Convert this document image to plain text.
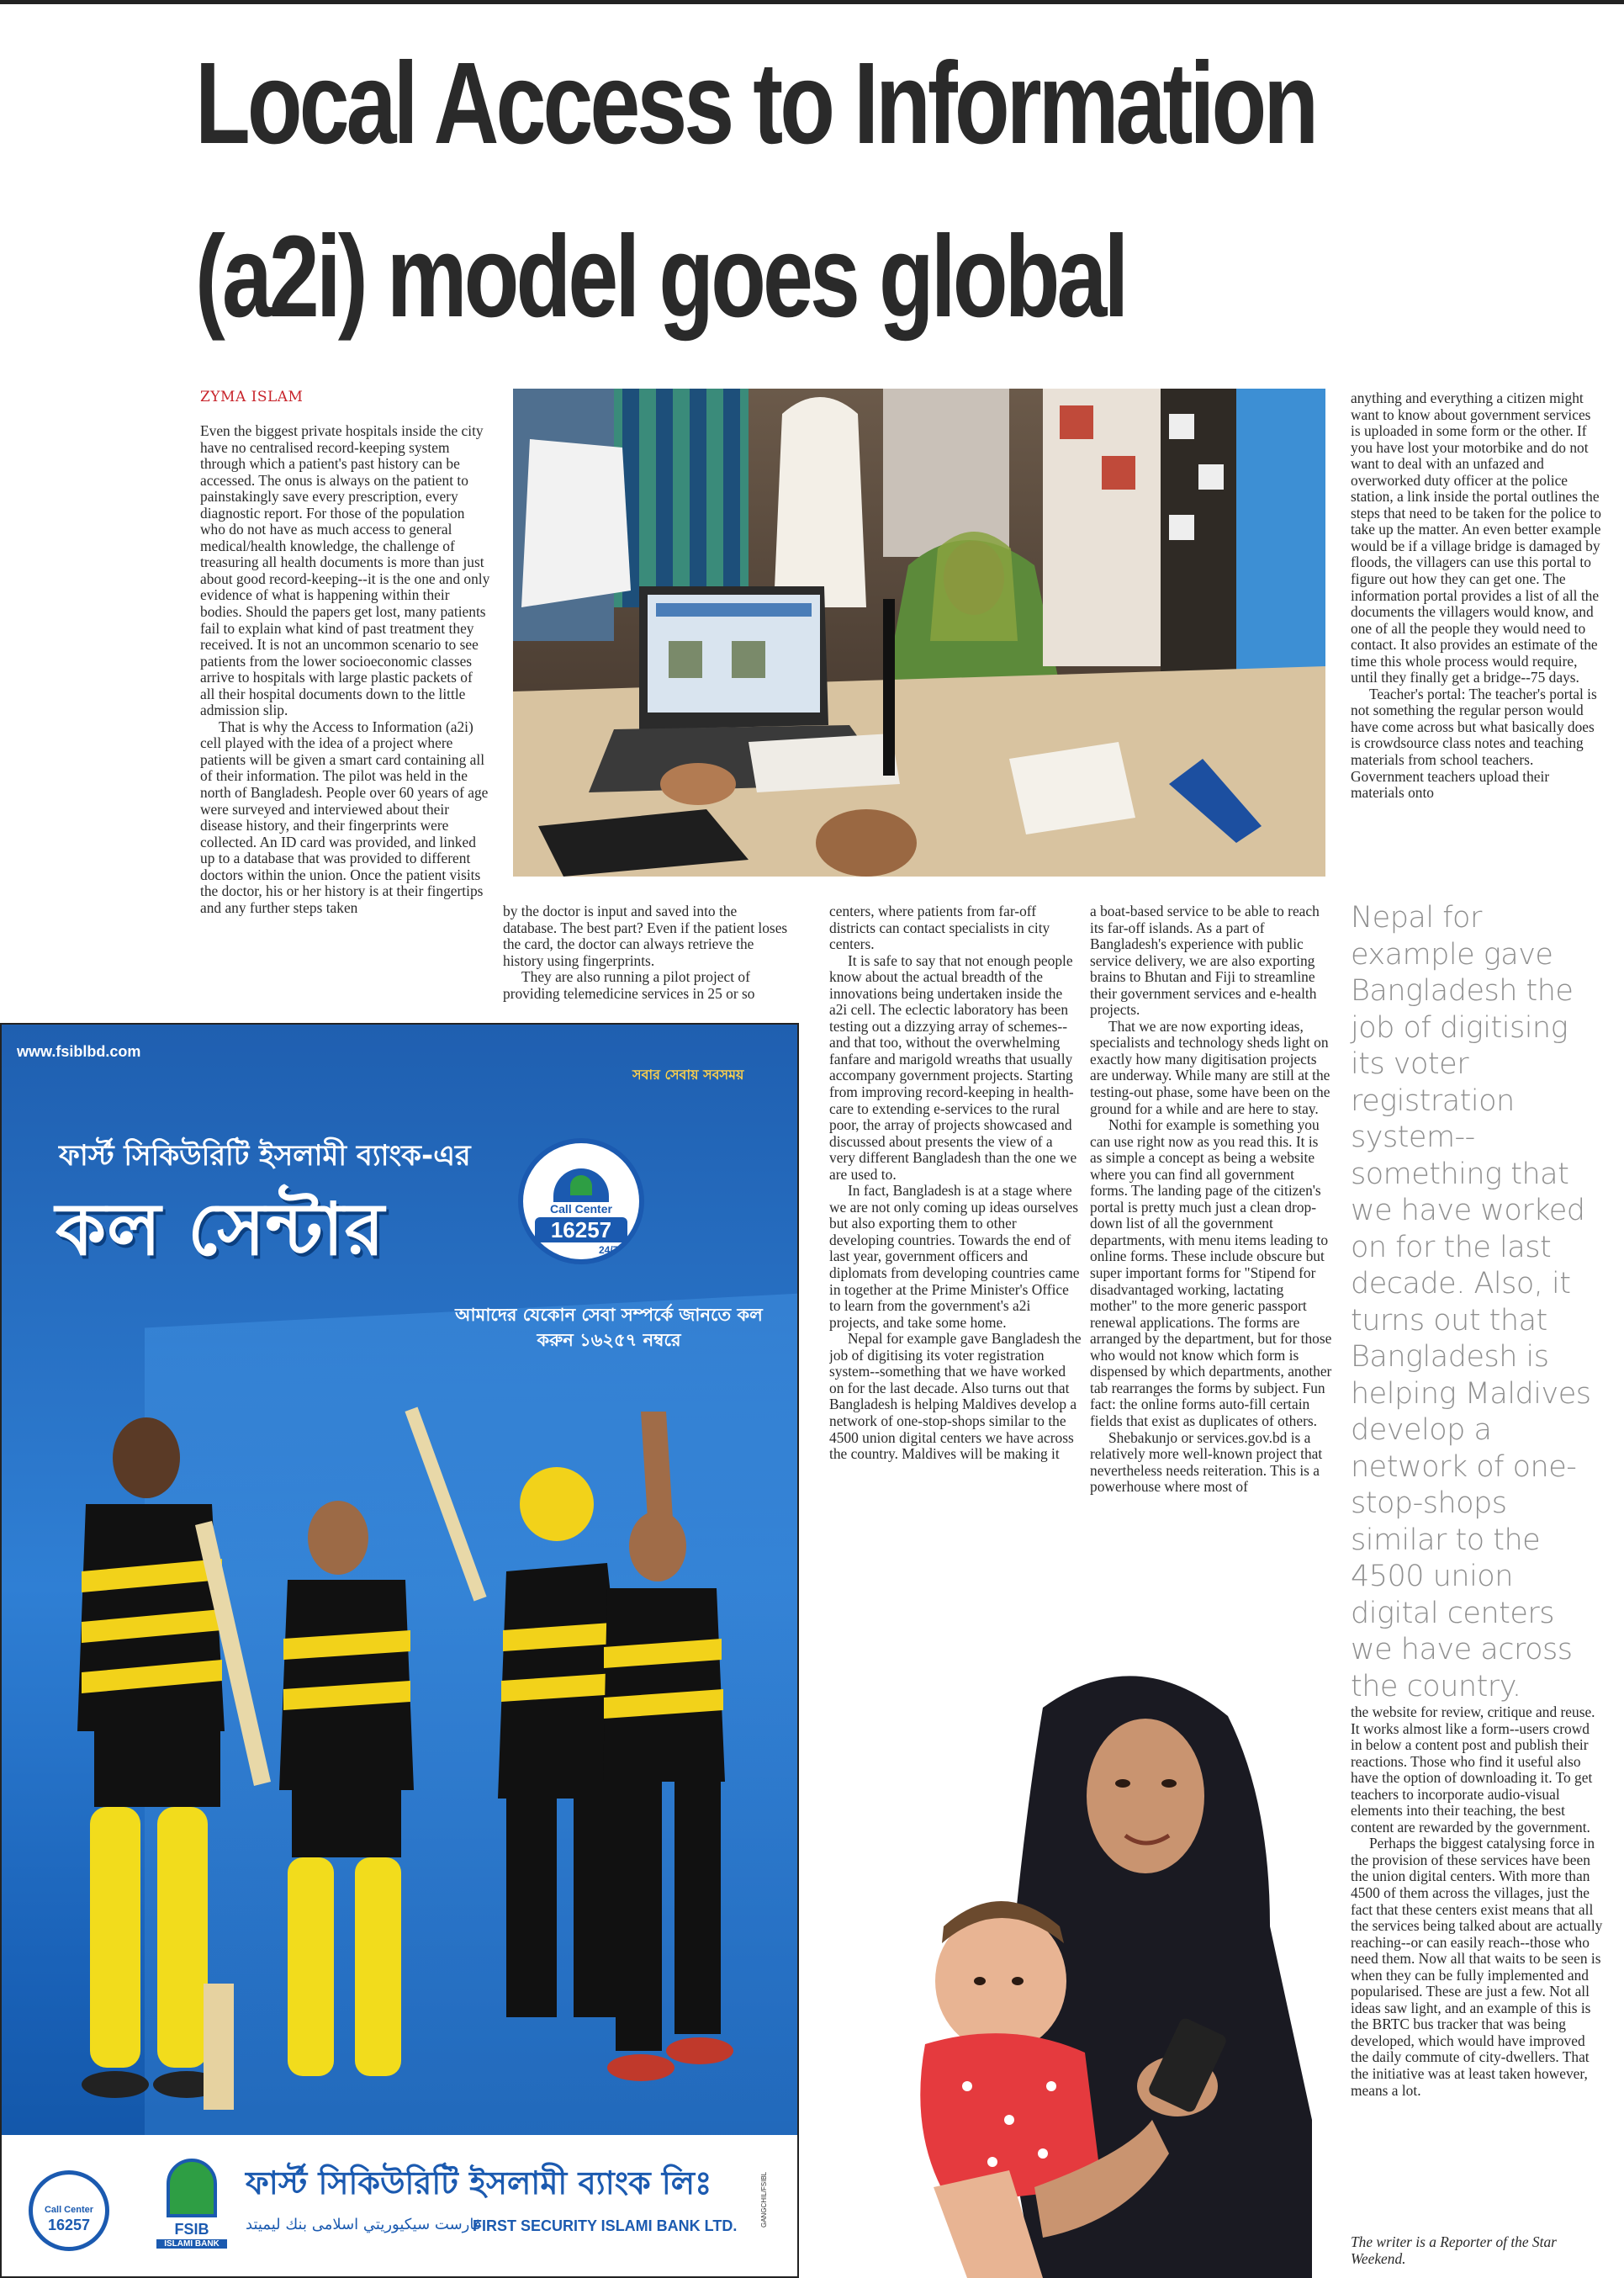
Local Access to Information
(a2i) model goes global
ZYMA ISLAM

Even the biggest private hospitals inside the city have no centralised record-keeping system through which a patient's past history can be accessed. The onus is always on the patient to painstakingly save every prescription, every diagnostic report. For those of the population who do not have as much access to general medical/health knowledge, the challenge of treasuring all health documents is more than just about good record-keeping--it is the one and only evidence of what is happening within their bodies. Should the papers get lost, many patients fail to explain what kind of past treatment they received. It is not an uncommon scenario to see patients from the lower socioeconomic classes arrive to hospitals with large plastic packets of all their hospital documents down to the little admission slip.

That is why the Access to Information (a2i) cell played with the idea of a project where patients will be given a smart card containing all of their information. The pilot was held in the north of Bangladesh. People over 60 years of age were surveyed and interviewed about their disease history, and their fingerprints were collected. An ID card was provided, and linked up to a database that was provided to different doctors within the union. Once the patient visits the doctor, his or her history is at their fingertips and any further steps taken	by the doctor is input and saved into the database. The best part? Even if the patient loses the card, the doctor can always retrieve the history using fingerprints.

They are also running a pilot project of providing telemedicine services in 25 or so

centers, where patients from far-off districts can contact specialists in city centers.

It is safe to say that not enough people know about the actual breadth of the innovations being undertaken inside the a2i cell. The eclectic laboratory has been testing out a dizzying array of schemes--and that too, without the overwhelming fanfare and marigold wreaths that usually accompany government projects. Starting from improving record-keeping in health-care to extending e-services to the rural poor, the array of projects showcased and discussed about presents the view of a very different Bangladesh than the one we are used to.

In fact, Bangladesh is at a stage where we are not only coming up ideas ourselves but also exporting them to other developing countries. Towards the end of last year, government officers and diplomats from developing countries came in together at the Prime Minister's Office to learn from the government's a2i projects, and take some home.

Nepal for example gave Bangladesh the job of digitising its voter registration system--something that we have worked on for the last decade. Also turns out that Bangladesh is helping Maldives develop a network of one-stop-shops similar to the 4500 union digital centers we have across the country. Maldives will be making it

a boat-based service to be able to reach its far-off islands. As a part of Bangladesh's experience with public service delivery, we are also exporting brains to Bhutan and Fiji to streamline their government services and e-health projects.

That we are now exporting ideas, specialists and technology sheds light on exactly how many digitisation projects are underway. While many are still at the testing-out phase, some have been on the ground for a while and are here to stay.

Nothi for example is something you can use right now as you read this. It is as simple a concept as being a website where you can find all government forms. The landing page of the citizen's portal is pretty much just a clean drop-down list of all the government departments, with menu items leading to online forms. These include obscure but super important forms for "Stipend for disadvantaged working, lactating mother" to the more generic passport renewal applications. The forms are arranged by the department, but for those who would not know which form is dispensed by which departments, another tab rearranges the forms by subject. Fun fact: the online forms auto-fill certain fields that exist as duplicates of others.

Shebakunjo or services.gov.bd is a relatively more well-known project that nevertheless needs reiteration. This is a powerhouse where most of

anything and everything a citizen might want to know about government services is uploaded in some form or the other. If you have lost your motorbike and do not want to deal with an unfazed and overworked duty officer at the police station, a link inside the portal outlines the steps that need to be taken for the police to take up the matter. An even better example would be if a village bridge is damaged by floods, the villagers can use this portal to figure out how they can get one. The information portal provides a list of all the documents the villagers would know, and one of all the people they would need to contact. It also provides an estimate of the time this whole process would require, until they finally get a bridge--75 days.

Teacher's portal: The teacher's portal is not something the regular person would have come across but what basically does is crowdsource class notes and teaching materials from school teachers. Government teachers upload their materials onto

Nepal for example gave Bangladesh the job of digitising its voter registration system--something that we have worked on for the last decade. Also, it turns out that Bangladesh is helping Maldives develop a network of one-stop-shops similar to the 4500 union digital centers we have across the country.

the website for review, critique and reuse. It works almost like a form--users crowd in below a content post and publish their reactions. Those who find it useful also have the option of downloading it. To get teachers to incorporate audio-visual elements into their teaching, the best content are rewarded by the government.

Perhaps the biggest catalysing force in the provision of these services have been the union digital centers. With more than 4500 of them across the villages, just the fact that these centers exist means that all the services being talked about are actually reaching--or can easily reach--those who need them. Now all that waits to be seen is when they can be fully implemented and popularised. These are just a few. Not all ideas saw light, and an example of this is the BRTC bus tracker that was being developed, which would have improved the daily commute of city-dwellers. That the initiative was at least taken however, means a lot.

The writer is a Reporter of the Star Weekend.

www.fsiblbd.com
সবার সেবায় সবসময়
ফার্স্ট সিকিউরিটি ইসলামী ব্যাংক-এর
কল সেন্টার	Call Center
16257
24/7
আমাদের যেকোন সেবা সম্পর্কে জানতে কল করুন ১৬২৫৭ নম্বরে
Call Center
16257	FSIB
ISLAMI BANK
ফার্স্ট সিকিউরিটি ইসলামী ব্যাংক লিঃ
فارست سيكيوريتي اسلامى بنك ليميتد
FIRST SECURITY ISLAMI BANK LTD.	GANGCHIL/FSIBL
